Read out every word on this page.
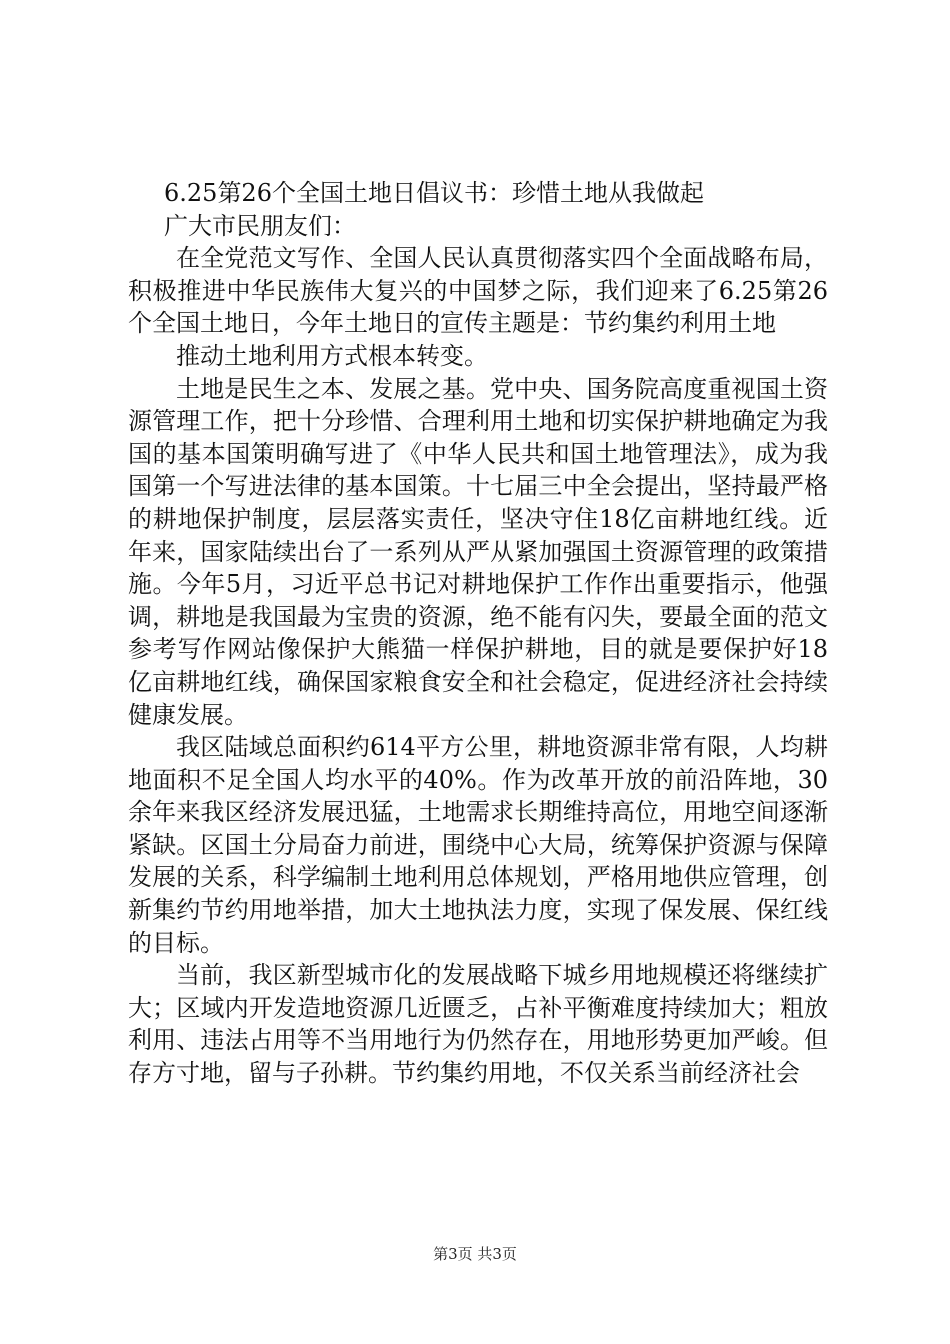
6.25第26个全国土地日倡议书：珍惜土地从我做起

广大市民朋友们：

在全党范文写作、全国人民认真贯彻落实四个全面战略布局，积极推进中华民族伟大复兴的中国梦之际，我们迎来了6.25第26个全国土地日，今年土地日的宣传主题是：节约集约利用土地

推动土地利用方式根本转变。

土地是民生之本、发展之基。党中央、国务院高度重视国土资源管理工作，把十分珍惜、合理利用土地和切实保护耕地确定为我国的基本国策明确写进了《中华人民共和国土地管理法》，成为我国第一个写进法律的基本国策。十七届三中全会提出，坚持最严格的耕地保护制度，层层落实责任，坚决守住18亿亩耕地红线。近年来，国家陆续出台了一系列从严从紧加强国土资源管理的政策措施。今年5月，习近平总书记对耕地保护工作作出重要指示，他强调，耕地是我国最为宝贵的资源，绝不能有闪失，要最全面的范文参考写作网站像保护大熊猫一样保护耕地，目的就是要保护好18亿亩耕地红线，确保国家粮食安全和社会稳定，促进经济社会持续健康发展。

我区陆域总面积约614平方公里，耕地资源非常有限，人均耕地面积不足全国人均水平的40%。作为改革开放的前沿阵地，30余年来我区经济发展迅猛，土地需求长期维持高位，用地空间逐渐紧缺。区国土分局奋力前进，围绕中心大局，统筹保护资源与保障发展的关系，科学编制土地利用总体规划，严格用地供应管理，创新集约节约用地举措，加大土地执法力度，实现了保发展、保红线的目标。

当前，我区新型城市化的发展战略下城乡用地规模还将继续扩大；区域内开发造地资源几近匮乏，占补平衡难度持续加大；粗放利用、违法占用等不当用地行为仍然存在，用地形势更加严峻。但存方寸地，留与子孙耕。节约集约用地，不仅关系当前经济社会

第3页 共3页
